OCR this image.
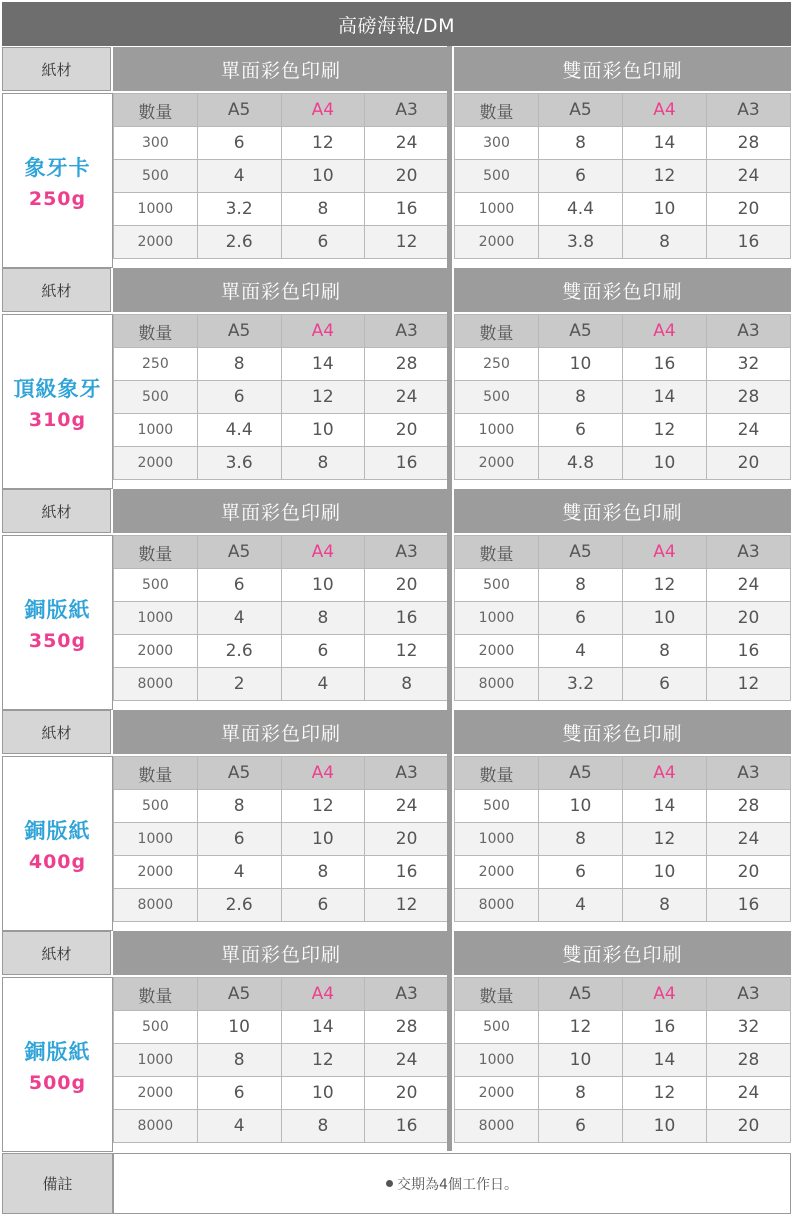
高磅海報/DM
紙材	單面彩色印刷	雙面彩色印刷
象牙卡
250g
數量	A5	A4	A3
300	6	12	24
500	4	10	20
1000	3.2	8	16
2000	2.6	6	12
數量	A5	A4	A3
300	8	14	28
500	6	12	24
1000	4.4	10	20
2000	3.8	8	16
紙材	單面彩色印刷	雙面彩色印刷
頂級象牙
310g
數量	A5	A4	A3
250	8	14	28
500	6	12	24
1000	4.4	10	20
2000	3.6	8	16
數量	A5	A4	A3
250	10	16	32
500	8	14	28
1000	6	12	24
2000	4.8	10	20
紙材	單面彩色印刷	雙面彩色印刷
銅版紙
350g
數量	A5	A4	A3
500	6	10	20
1000	4	8	16
2000	2.6	6	12
8000	2	4	8
數量	A5	A4	A3
500	8	12	24
1000	6	10	20
2000	4	8	16
8000	3.2	6	12
紙材	單面彩色印刷	雙面彩色印刷
銅版紙
400g
數量	A5	A4	A3
500	8	12	24
1000	6	10	20
2000	4	8	16
8000	2.6	6	12
數量	A5	A4	A3
500	10	14	28
1000	8	12	24
2000	6	10	20
8000	4	8	16
紙材	單面彩色印刷	雙面彩色印刷
銅版紙
500g
數量	A5	A4	A3
500	10	14	28
1000	8	12	24
2000	6	10	20
8000	4	8	16
數量	A5	A4	A3
500	12	16	32
1000	10	14	28
2000	8	12	24
8000	6	10	20
備註	交期為4個工作日。
